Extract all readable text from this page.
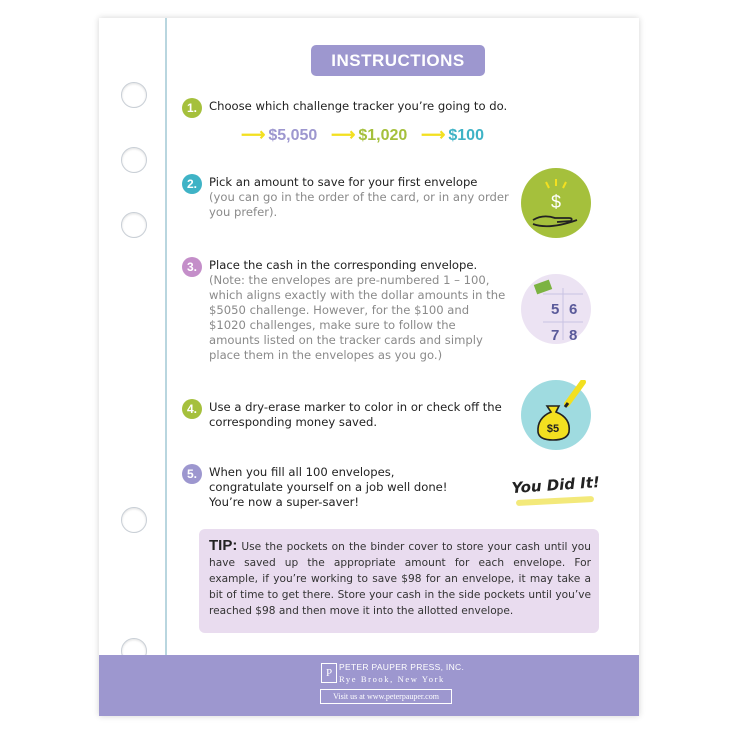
INSTRUCTIONS
1.	Choose which challenge tracker you’re going to do.
⟶ $5,050 ⟶ $1,020 ⟶ $100
2.	Pick an amount to save for your first envelope
(you can go in the order of the card, or in any order you prefer).	$
3.	Place the cash in the corresponding envelope.
(Note: the envelopes are pre-numbered 1 – 100, which aligns exactly with the dollar amounts in the $5050 challenge. However, for the $100 and $1020 challenges, make sure to follow the amounts listed on the tracker cards and simply place them in the envelopes as you go.)
5 6
7 8
4.	Use a dry-erase marker to color in or check off the corresponding money saved.	$5
5.	When you fill all 100 envelopes, congratulate yourself on a job well done! You’re now a super-saver!
You Did It!
TIP: Use the pockets on the binder cover to store your cash until you have saved up the appropriate amount for each envelope. For example, if you’re working to save $98 for an envelope, it may take a bit of time to get there. Store your cash in the side pockets until you’ve reached $98 and then move it into the allotted envelope.
P PETER PAUPER PRESS, INC.
Rye Brook, New York
Visit us at www.peterpauper.com
